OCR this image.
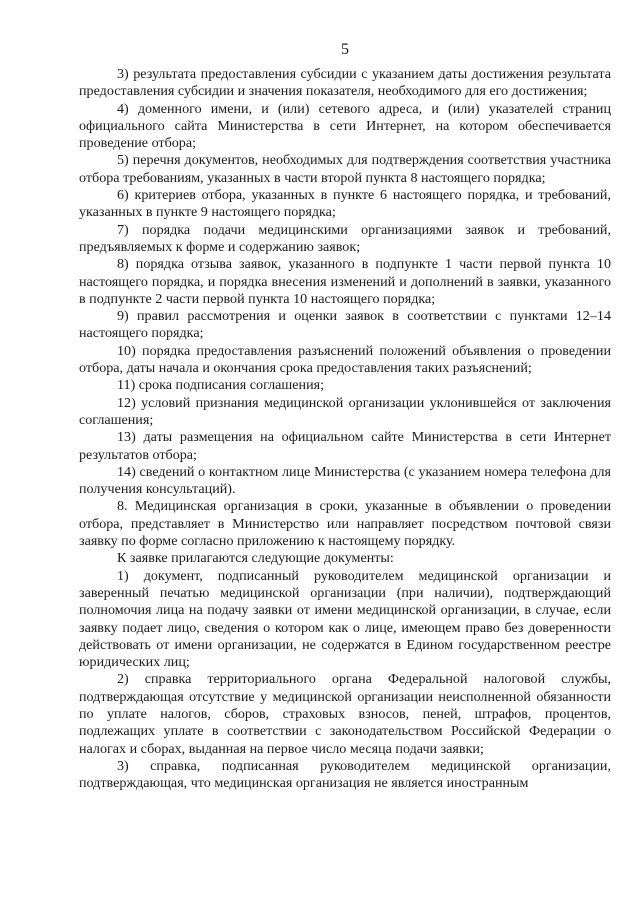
5

3) результата предоставления субсидии с указанием даты достижения результата предоставления субсидии и значения показателя, необходимого для его достижения;

4) доменного имени, и (или) сетевого адреса, и (или) указателей страниц официального сайта Министерства в сети Интернет, на котором обеспечивается проведение отбора;

5) перечня документов, необходимых для подтверждения соответствия участника отбора требованиям, указанных в части второй пункта 8 настоящего порядка;

6) критериев отбора, указанных в пункте 6 настоящего порядка, и требований, указанных в пункте 9 настоящего порядка;

7) порядка подачи медицинскими организациями заявок и требований, предъявляемых к форме и содержанию заявок;

8) порядка отзыва заявок, указанного в подпункте 1 части первой пункта 10 настоящего порядка, и порядка внесения изменений и дополнений в заявки, указанного в подпункте 2 части первой пункта 10 настоящего порядка;

9) правил рассмотрения и оценки заявок в соответствии с пунктами 12–14 настоящего порядка;

10) порядка предоставления разъяснений положений объявления о проведении отбора, даты начала и окончания срока предоставления таких разъяснений;

11) срока подписания соглашения;

12) условий признания медицинской организации уклонившейся от заключения соглашения;

13) даты размещения на официальном сайте Министерства в сети Интернет результатов отбора;

14) сведений о контактном лице Министерства (с указанием номера телефона для получения консультаций).

8. Медицинская организация в сроки, указанные в объявлении о проведении отбора, представляет в Министерство или направляет посредством почтовой связи заявку по форме согласно приложению к настоящему порядку.

К заявке прилагаются следующие документы:

1) документ, подписанный руководителем медицинской организации и заверенный печатью медицинской организации (при наличии), подтверждающий полномочия лица на подачу заявки от имени медицинской организации, в случае, если заявку подает лицо, сведения о котором как о лице, имеющем право без доверенности действовать от имени организации, не содержатся в Едином государственном реестре юридических лиц;

2) справка территориального органа Федеральной налоговой службы, подтверждающая отсутствие у медицинской организации неисполненной обязанности по уплате налогов, сборов, страховых взносов, пеней, штрафов, процентов, подлежащих уплате в соответствии с законодательством Российской Федерации о налогах и сборах, выданная на первое число месяца подачи заявки;

3) справка, подписанная руководителем медицинской организации, подтверждающая, что медицинская организация не является иностранным
